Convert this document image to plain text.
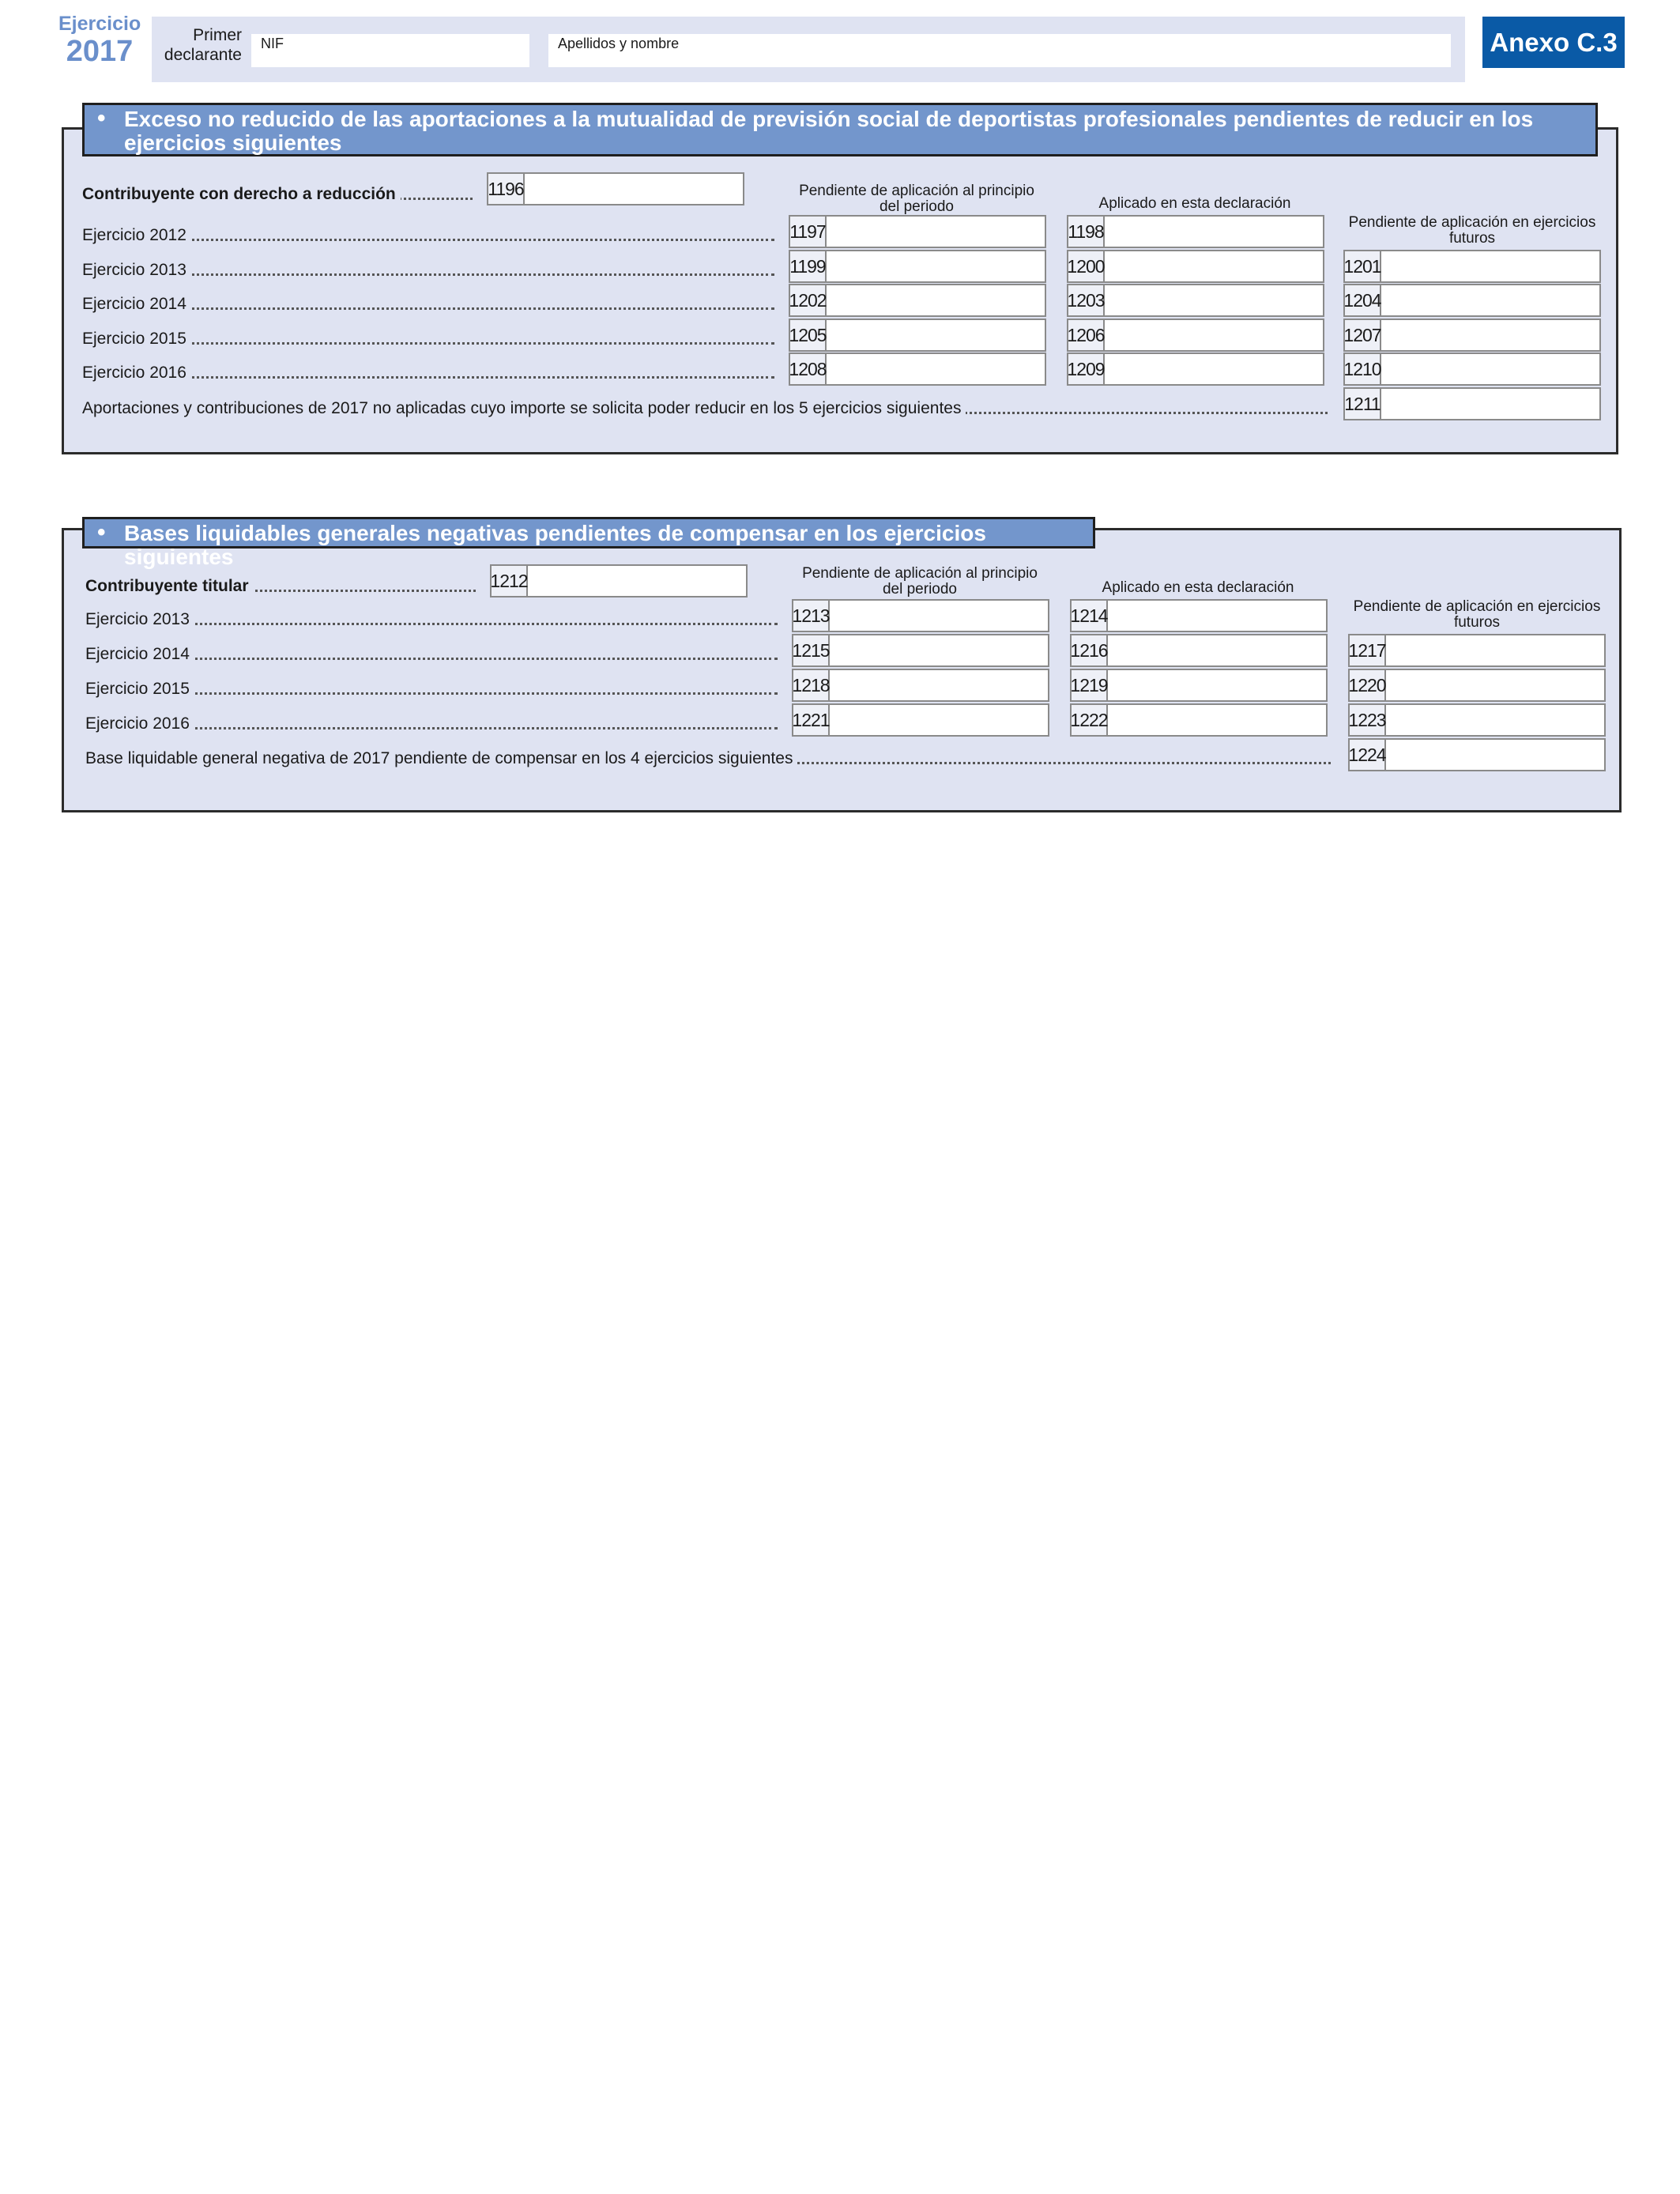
Ejercicio
2017	Primer declarante
NIF	Apellidos y nombre	Anexo C.3
• Exceso no reducido de las aportaciones a la mutualidad de previsión social de deportistas profesionales pendientes de reducir en los ejercicios siguientes
Pendiente de aplicación al principio del periodo	Aplicado en esta declaración
Pendiente de aplicación en ejercicios futuros
Contribuyente con derecho a reducción	1196
Ejercicio 2012	1197	1198
Ejercicio 2013	1199	1200	1201
Ejercicio 2014	1202	1203	1204
Ejercicio 2015	1205	1206	1207
Ejercicio 2016	1208	1209	1210
Aportaciones y contribuciones de 2017 no aplicadas cuyo importe se solicita poder reducir en los 5 ejercicios siguientes	1211
• Bases liquidables generales negativas pendientes de compensar en los ejercicios siguientes
Pendiente de aplicación al principio del periodo	Aplicado en esta declaración
Pendiente de aplicación en ejercicios futuros
Contribuyente titular	1212
Ejercicio 2013	1213	1214
Ejercicio 2014	1215	1216	1217
Ejercicio 2015	1218	1219	1220
Ejercicio 2016	1221	1222	1223
Base liquidable general negativa de 2017 pendiente de compensar en los 4 ejercicios siguientes	1224
